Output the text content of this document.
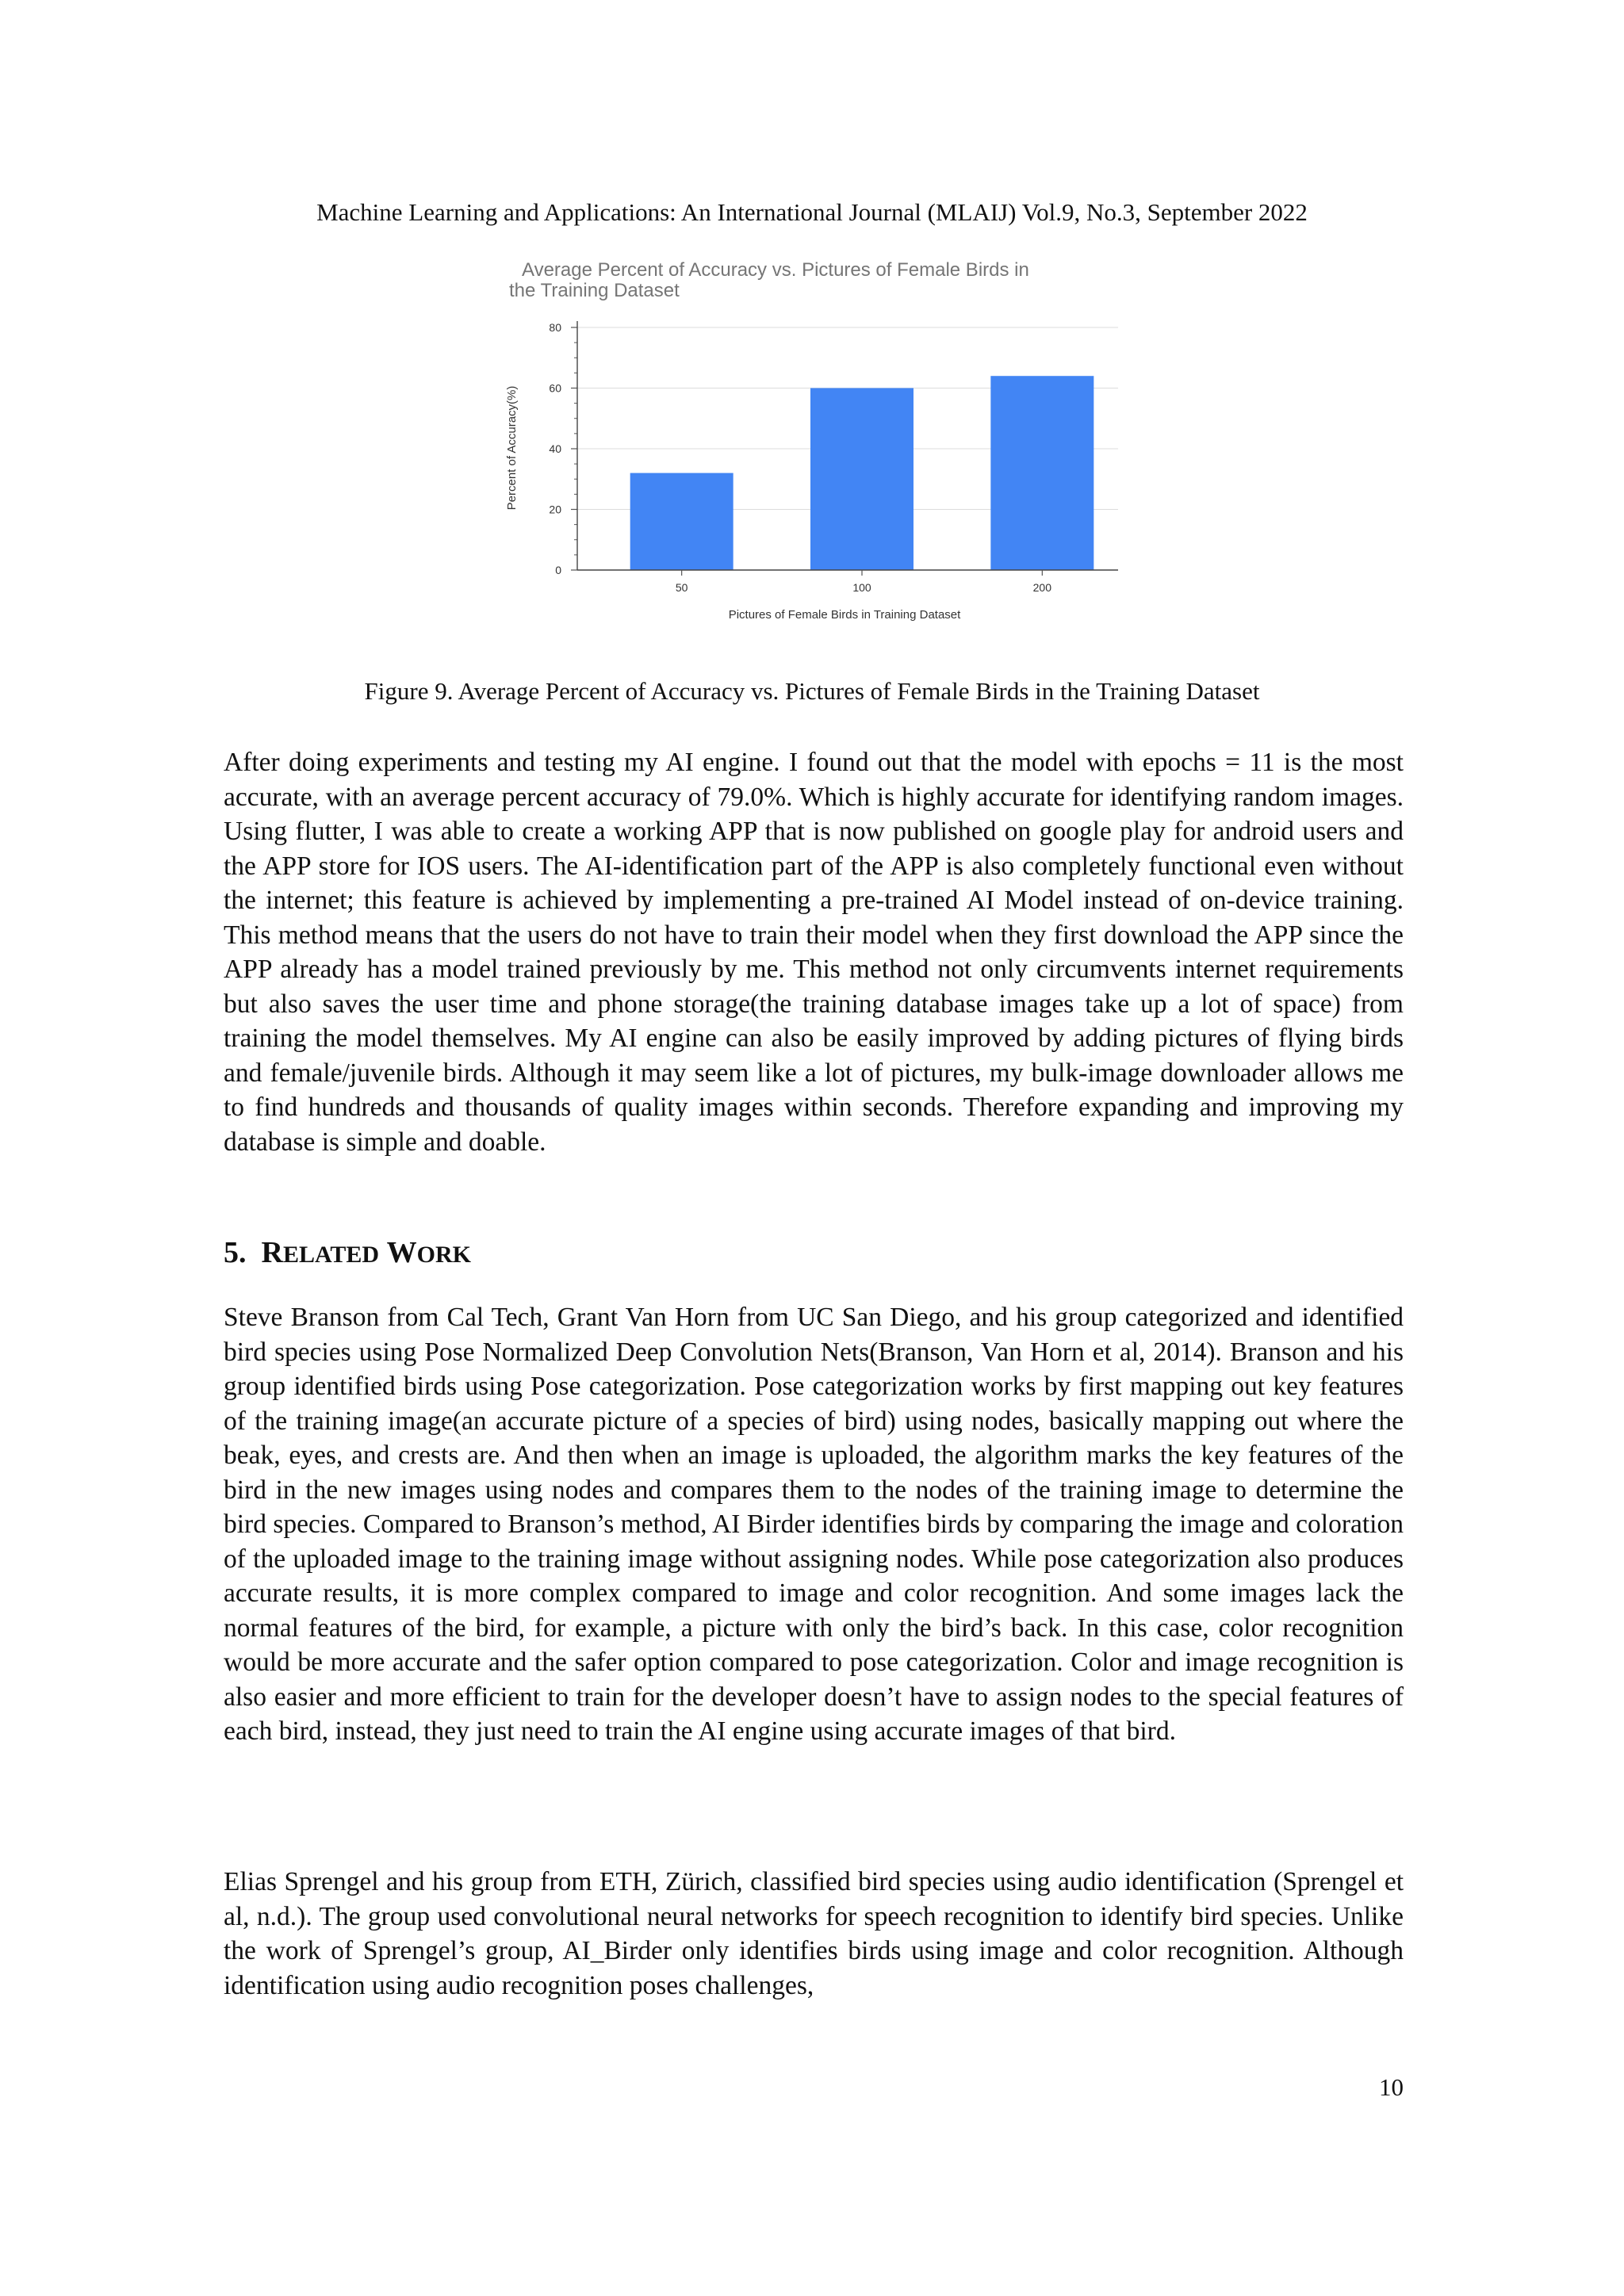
Machine Learning and Applications: An International Journal (MLAIJ) Vol.9, No.3, September 2022
Average Percent of Accuracy vs. Pictures of Female Birds in
the Training Dataset
0
20
40
60
80
50	100	200
Percent of Accuracy(%)
Pictures of Female Birds in Training Dataset
Figure 9. Average Percent of Accuracy vs. Pictures of Female Birds in the Training Dataset

After doing experiments and testing my AI engine. I found out that the model with epochs = 11 is the most accurate, with an average percent accuracy of 79.0%. Which is highly accurate for identifying random images. Using flutter, I was able to create a working APP that is now published on google play for android users and the APP store for IOS users. The AI-identification part of the APP is also completely functional even without the internet; this feature is achieved by implementing a pre-trained AI Model instead of on-device training. This method means that the users do not have to train their model when they first download the APP since the APP already has a model trained previously by me. This method not only circumvents internet requirements but also saves the user time and phone storage(the training database images take up a lot of space) from training the model themselves. My AI engine can also be easily improved by adding pictures of flying birds and female/juvenile birds. Although it may seem like a lot of pictures, my bulk-image downloader allows me to find hundreds and thousands of quality images within seconds. Therefore expanding and improving my database is simple and doable.

5. RELATED WORK

Steve Branson from Cal Tech, Grant Van Horn from UC San Diego, and his group categorized and identified bird species using Pose Normalized Deep Convolution Nets(Branson, Van Horn et al, 2014). Branson and his group identified birds using Pose categorization. Pose categorization works by first mapping out key features of the training image(an accurate picture of a species of bird) using nodes, basically mapping out where the beak, eyes, and crests are. And then when an image is uploaded, the algorithm marks the key features of the bird in the new images using nodes and compares them to the nodes of the training image to determine the bird species. Compared to Branson’s method, AI Birder identifies birds by comparing the image and coloration of the uploaded image to the training image without assigning nodes. While pose categorization also produces accurate results, it is more complex compared to image and color recognition. And some images lack the normal features of the bird, for example, a picture with only the bird’s back. In this case, color recognition would be more accurate and the safer option compared to pose categorization. Color and image recognition is also easier and more efficient to train for the developer doesn’t have to assign nodes to the special features of each bird, instead, they just need to train the AI engine using accurate images of that bird.

Elias Sprengel and his group from ETH, Zürich, classified bird species using audio identification (Sprengel et al, n.d.). The group used convolutional neural networks for speech recognition to identify bird species. Unlike the work of Sprengel’s group, AI_Birder only identifies birds using image and color recognition. Although identification using audio recognition poses challenges,

10
